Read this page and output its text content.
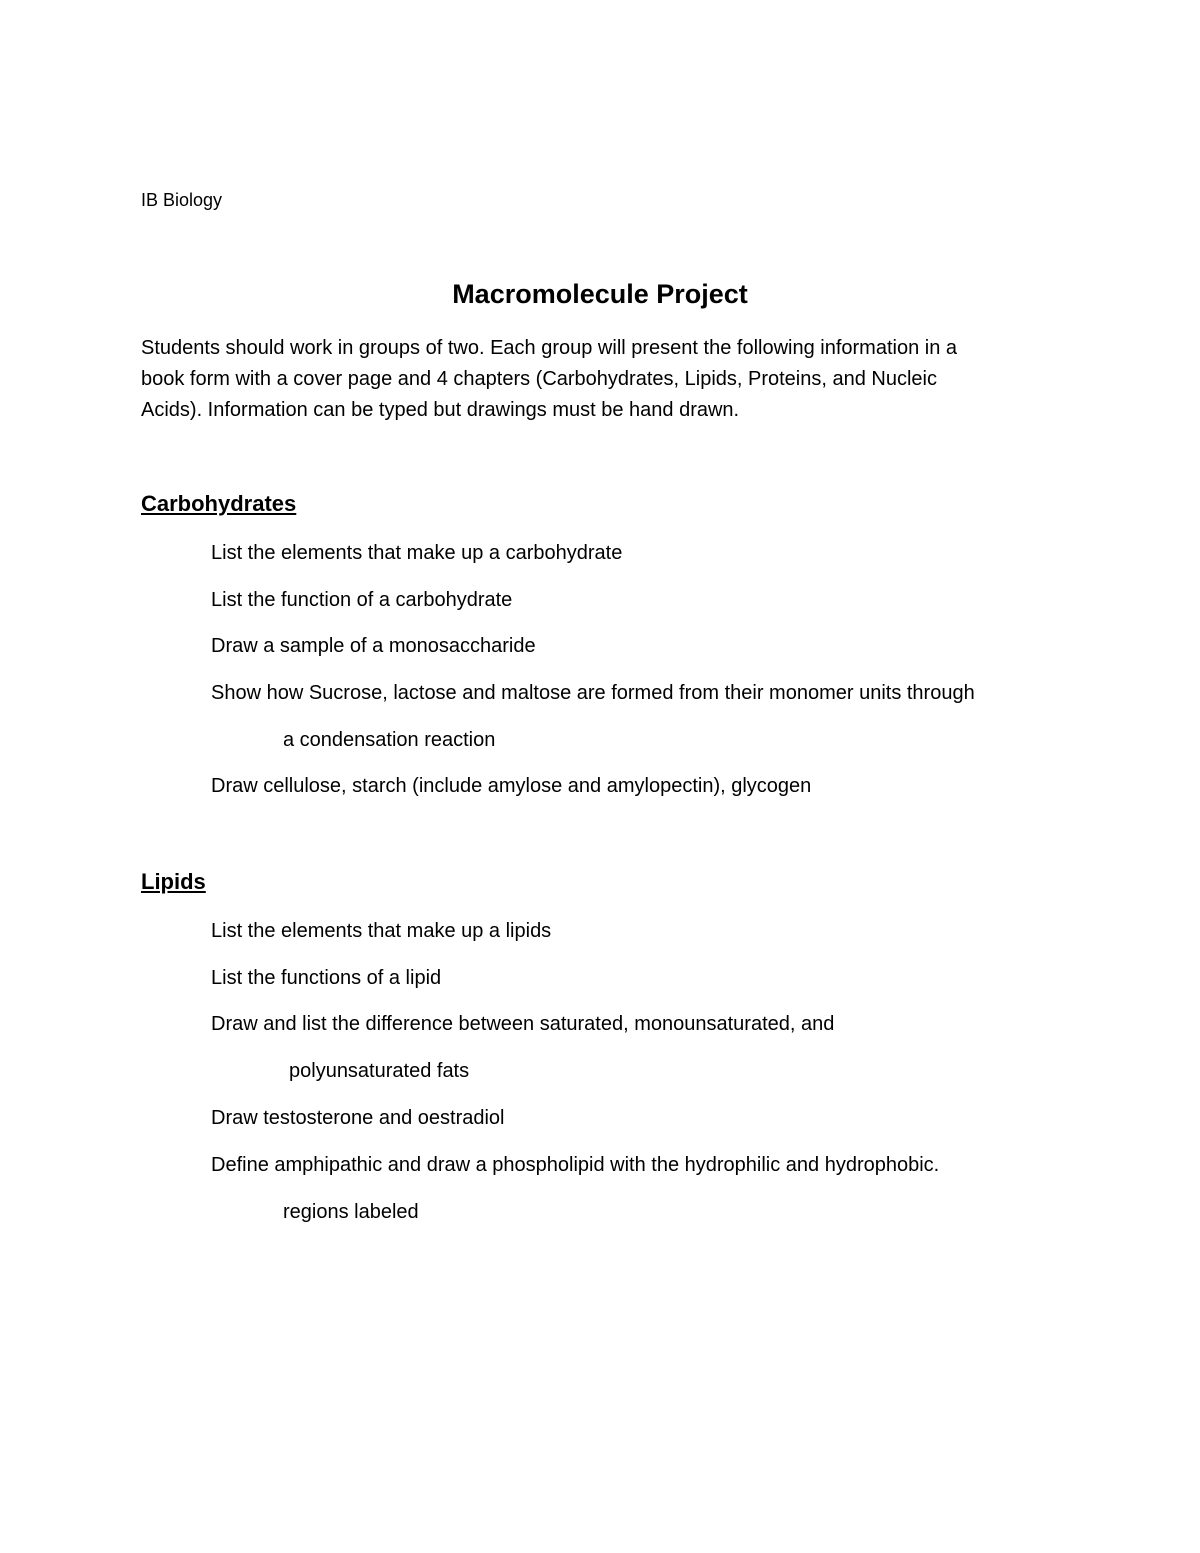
IB Biology
Macromolecule Project

Students should work in groups of two. Each group will present the following information in a

book form with a cover page and 4 chapters (Carbohydrates, Lipids, Proteins, and Nucleic

Acids). Information can be typed but drawings must be hand drawn.

Carbohydrates
List the elements that make up a carbohydrate
List the function of a carbohydrate
Draw a sample of a monosaccharide
Show how Sucrose, lactose and maltose are formed from their monomer units through
a condensation reaction
Draw cellulose, starch (include amylose and amylopectin), glycogen
Lipids
List the elements that make up a lipids
List the functions of a lipid
Draw and list the difference between saturated, monounsaturated, and
polyunsaturated fats
Draw testosterone and oestradiol
Define amphipathic and draw a phospholipid with the hydrophilic and hydrophobic.
regions labeled
